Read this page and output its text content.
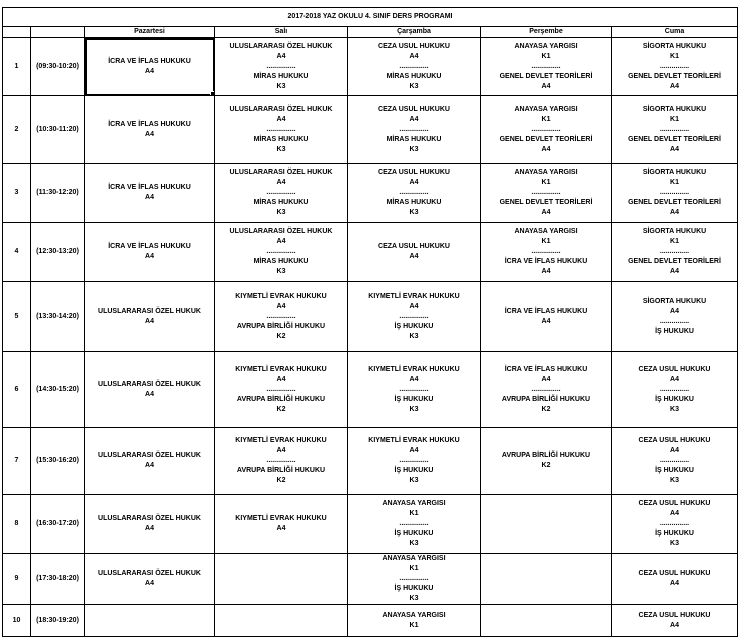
2017-2018 YAZ OKULU 4. SINIF DERS PROGRAMI						
		Pazartesi	Salı	Çarşamba	Perşembe	Cuma
1	(09:30-10:20)	İCRA VE İFLAS HUKUKU
A4	ULUSLARARASI ÖZEL HUKUK
A4
...............
MİRAS HUKUKU
K3	CEZA USUL HUKUKU
A4
...............
MİRAS HUKUKU
K3	ANAYASA YARGISI
K1
...............
GENEL DEVLET TEORİLERİ
A4	SİGORTA HUKUKU
K1
...............
GENEL DEVLET TEORİLERİ
A4

2	(10:30-11:20)	İCRA VE İFLAS HUKUKU
A4	ULUSLARARASI ÖZEL HUKUK
A4
...............
MİRAS HUKUKU
K3	CEZA USUL HUKUKU
A4
...............
MİRAS HUKUKU
K3	ANAYASA YARGISI
K1
...............
GENEL DEVLET TEORİLERİ
A4	SİGORTA HUKUKU
K1
...............
GENEL DEVLET TEORİLERİ
A4

3	(11:30-12:20)	İCRA VE İFLAS HUKUKU
A4	ULUSLARARASI ÖZEL HUKUK
A4
...............
MİRAS HUKUKU
K3	CEZA USUL HUKUKU
A4
...............
MİRAS HUKUKU
K3	ANAYASA YARGISI
K1
...............
GENEL DEVLET TEORİLERİ
A4	SİGORTA HUKUKU
K1
...............
GENEL DEVLET TEORİLERİ
A4

4	(12:30-13:20)	İCRA VE İFLAS HUKUKU
A4	ULUSLARARASI ÖZEL HUKUK
A4
...............
MİRAS HUKUKU
K3	CEZA USUL HUKUKU
A4	ANAYASA YARGISI
K1
...............
İCRA VE İFLAS HUKUKU
A4	SİGORTA HUKUKU
K1
...............
GENEL DEVLET TEORİLERİ
A4

5	(13:30-14:20)	ULUSLARARASI ÖZEL HUKUK
A4	KIYMETLİ EVRAK HUKUKU
A4
...............
AVRUPA BİRLİĞİ HUKUKU
K2	KIYMETLİ EVRAK HUKUKU
A4
...............
İŞ HUKUKU
K3	İCRA VE İFLAS HUKUKU
A4	SİGORTA HUKUKU
A4
...............
İŞ HUKUKU

6	(14:30-15:20)	ULUSLARARASI ÖZEL HUKUK
A4	KIYMETLİ EVRAK HUKUKU
A4
...............
AVRUPA BİRLİĞİ HUKUKU
K2	KIYMETLİ EVRAK HUKUKU
A4
...............
İŞ HUKUKU
K3	İCRA VE İFLAS HUKUKU
A4
...............
AVRUPA BİRLİĞİ HUKUKU
K2	CEZA USUL HUKUKU
A4
...............
İŞ HUKUKU
K3

7	(15:30-16:20)	ULUSLARARASI ÖZEL HUKUK
A4	KIYMETLİ EVRAK HUKUKU
A4
...............
AVRUPA BİRLİĞİ HUKUKU
K2	KIYMETLİ EVRAK HUKUKU
A4
...............
İŞ HUKUKU
K3	AVRUPA BİRLİĞİ HUKUKU
K2	CEZA USUL HUKUKU
A4
...............
İŞ HUKUKU
K3

8	(16:30-17:20)	ULUSLARARASI ÖZEL HUKUK
A4	KIYMETLİ EVRAK HUKUKU
A4	ANAYASA YARGISI
K1
...............
İŞ HUKUKU
K3		CEZA USUL HUKUKU
A4
...............
İŞ HUKUKU
K3

9	(17:30-18:20)	ULUSLARARASI ÖZEL HUKUK
A4		ANAYASA YARGISI
K1
...............
İŞ HUKUKU
K3		CEZA USUL HUKUKU
A4

10	(18:30-19:20)			ANAYASA YARGISI
K1		CEZA USUL HUKUKU
A4
